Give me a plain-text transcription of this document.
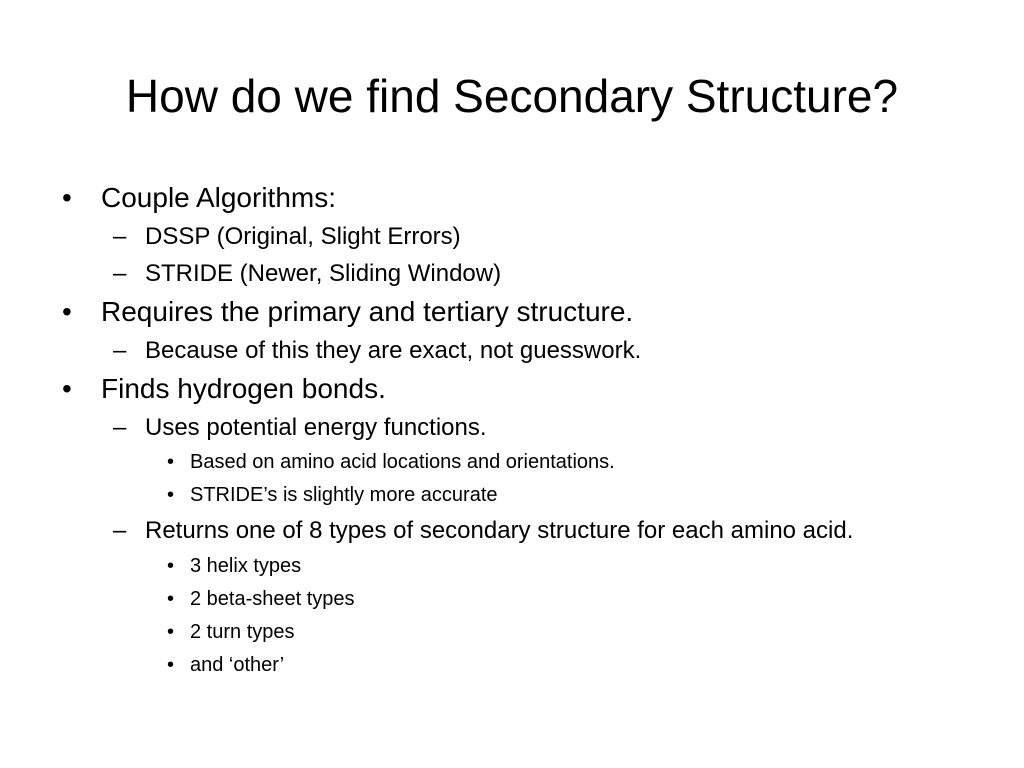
How do we find Secondary Structure?
• Couple Algorithms:
– DSSP (Original, Slight Errors)
– STRIDE (Newer, Sliding Window)
• Requires the primary and tertiary structure.
– Because of this they are exact, not guesswork.
• Finds hydrogen bonds.
– Uses potential energy functions.
• Based on amino acid locations and orientations.
• STRIDE’s is slightly more accurate
– Returns one of 8 types of secondary structure for each amino acid.
• 3 helix types
• 2 beta-sheet types
• 2 turn types
• and ‘other’
